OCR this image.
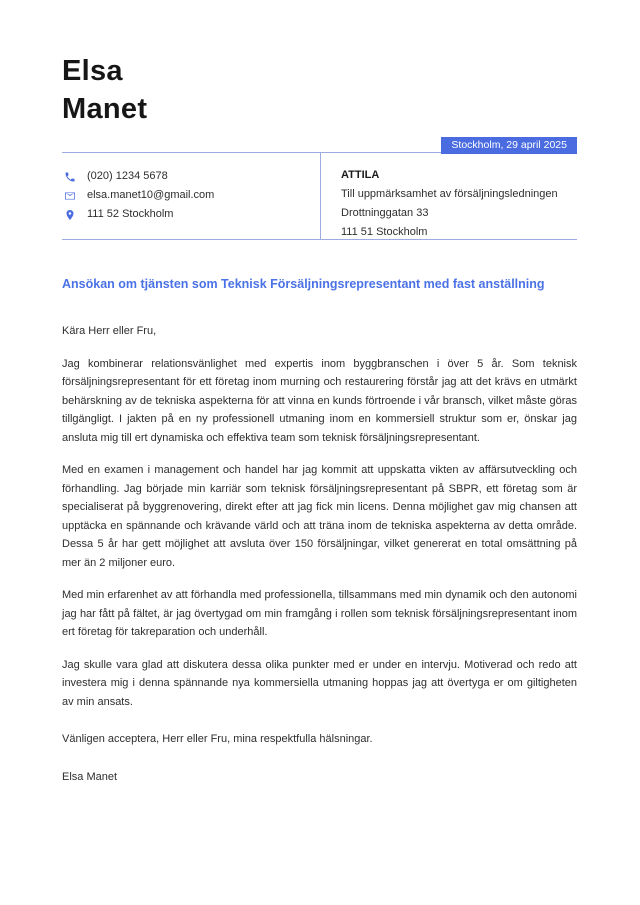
Stockholm, 29 april 2025
Elsa
Manet
(020) 1234 5678
elsa.manet10@gmail.com
111 52 Stockholm
ATTILA
Till uppmärksamhet av försäljningsledningen
Drottninggatan 33
111 51 Stockholm
Ansökan om tjänsten som Teknisk Försäljningsrepresentant med fast anställning
Kära Herr eller Fru,

Jag kombinerar relationsvänlighet med expertis inom byggbranschen i över 5 år. Som teknisk försäljningsrepresentant för ett företag inom murning och restaurering förstår jag att det krävs en utmärkt behärskning av de tekniska aspekterna för att vinna en kunds förtroende i vår bransch, vilket måste göras tillgängligt. I jakten på en ny professionell utmaning inom en kommersiell struktur som er, önskar jag ansluta mig till ert dynamiska och effektiva team som teknisk försäljningsrepresentant.

Med en examen i management och handel har jag kommit att uppskatta vikten av affärsutveckling och förhandling. Jag började min karriär som teknisk försäljningsrepresentant på SBPR, ett företag som är specialiserat på byggrenovering, direkt efter att jag fick min licens. Denna möjlighet gav mig chansen att upptäcka en spännande och krävande värld och att träna inom de tekniska aspekterna av detta område. Dessa 5 år har gett möjlighet att avsluta över 150 försäljningar, vilket genererat en total omsättning på mer än 2 miljoner euro.

Med min erfarenhet av att förhandla med professionella, tillsammans med min dynamik och den autonomi jag har fått på fältet, är jag övertygad om min framgång i rollen som teknisk försäljningsrepresentant inom ert företag för takreparation och underhåll.

Jag skulle vara glad att diskutera dessa olika punkter med er under en intervju. Motiverad och redo att investera mig i denna spännande nya kommersiella utmaning hoppas jag att övertyga er om giltigheten av min ansats.

Vänligen acceptera, Herr eller Fru, mina respektfulla hälsningar.
Elsa Manet
